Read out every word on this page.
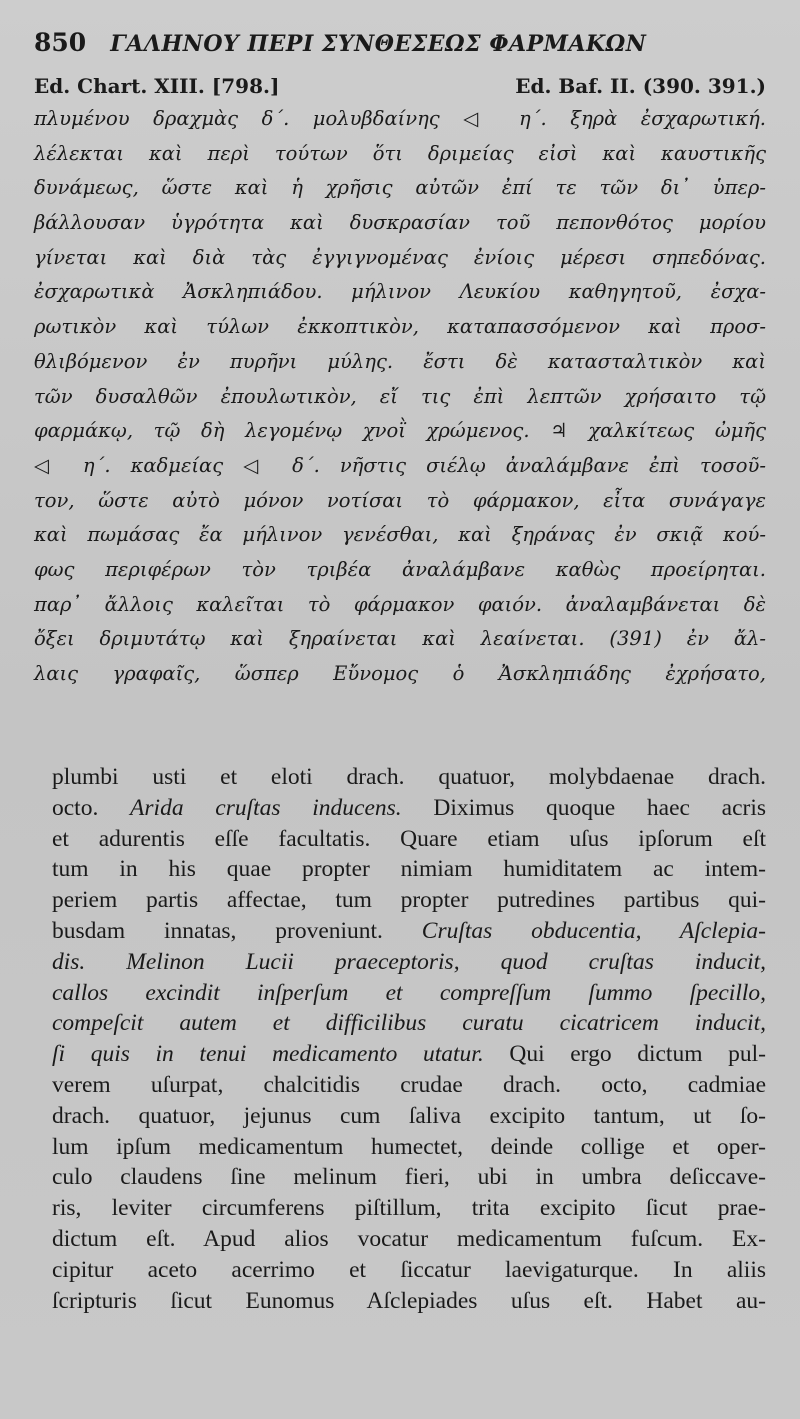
850 ΓΑΛΗΝΟΥ ΠΕΡΙ ΣΥΝΘΕΣΕΩΣ ΦΑΡΜΑΚΩΝ
Ed. Chart. XIII. [798.]	Ed. Baf. II. (390. 391.)
πλυμένου δραχμὰς δ΄. μολυβδαίνης ◁ η΄. ξηρὰ ἐσχαρωτική.
λέλεκται καὶ περὶ τούτων ὅτι δριμείας εἰσὶ καὶ καυστικῆς
δυνάμεως, ὥστε καὶ ἡ χρῆσις αὐτῶν ἐπί τε τῶν δι᾽ ὑπερ-
βάλλουσαν ὑγρότητα καὶ δυσκρασίαν τοῦ πεπονθότος μορίου
γίνεται καὶ διὰ τὰς ἐγγιγνομένας ἐνίοις μέρεσι σηπεδόνας.
ἐσχαρωτικὰ Ἀσκληπιάδου. μήλινον Λευκίου καθηγητοῦ, ἐσχα-
ρωτικὸν καὶ τύλων ἐκκοπτικὸν, καταπασσόμενον καὶ προσ-
θλιβόμενον ἐν πυρῆνι μύλης. ἔστι δὲ κατασταλτικὸν καὶ
τῶν δυσαλθῶν ἐπουλωτικὸν, εἴ τις ἐπὶ λεπτῶν χρήσαιτο τῷ
φαρμάκῳ, τῷ δὴ λεγομένῳ χνοῒ χρώμενος. ♃ χαλκίτεως ὠμῆς
◁ η΄. καδμείας ◁ δ΄. νῆστις σιέλῳ ἀναλάμβανε ἐπὶ τοσοῦ-
τον, ὥστε αὐτὸ μόνον νοτίσαι τὸ φάρμακον, εἶτα συνάγαγε
καὶ πωμάσας ἔα μήλινον γενέσθαι, καὶ ξηράνας ἐν σκιᾷ κού-
φως περιφέρων τὸν τριβέα ἀναλάμβανε καθὼς προείρηται.
παρ᾽ ἄλλοις καλεῖται τὸ φάρμακον φαιόν. ἀναλαμβάνεται δὲ
ὄξει δριμυτάτῳ καὶ ξηραίνεται καὶ λεαίνεται. (391) ἐν ἄλ-
λαις γραφαῖς, ὥσπερ Εὔνομος ὁ Ἀσκληπιάδης ἐχρήσατο,
plumbi usti et eloti drach. quatuor, molybdaenae drach.
octo. Arida cruſtas inducens. Diximus quoque haec acris
et adurentis eſſe facultatis. Quare etiam uſus ipſorum eſt
tum in his quae propter nimiam humiditatem ac intem-
periem partis affectae, tum propter putredines partibus qui-
busdam innatas, proveniunt. Cruſtas obducentia, Aſclepia-
dis. Melinon Lucii praeceptoris, quod cruſtas inducit,
callos excindit inſperſum et compreſſum ſummo ſpecillo,
compeſcit autem et difficilibus curatu cicatricem inducit,
ſi quis in tenui medicamento utatur. Qui ergo dictum pul-
verem uſurpat, chalcitidis crudae drach. octo, cadmiae
drach. quatuor, jejunus cum ſaliva excipito tantum, ut ſo-
lum ipſum medicamentum humectet, deinde collige et oper-
culo claudens ſine melinum fieri, ubi in umbra deſiccave-
ris, leviter circumferens piſtillum, trita excipito ſicut prae-
dictum eſt. Apud alios vocatur medicamentum fuſcum. Ex-
cipitur aceto acerrimo et ſiccatur laevigaturque. In aliis
ſcripturis ſicut Eunomus Aſclepiades uſus eſt. Habet au-
